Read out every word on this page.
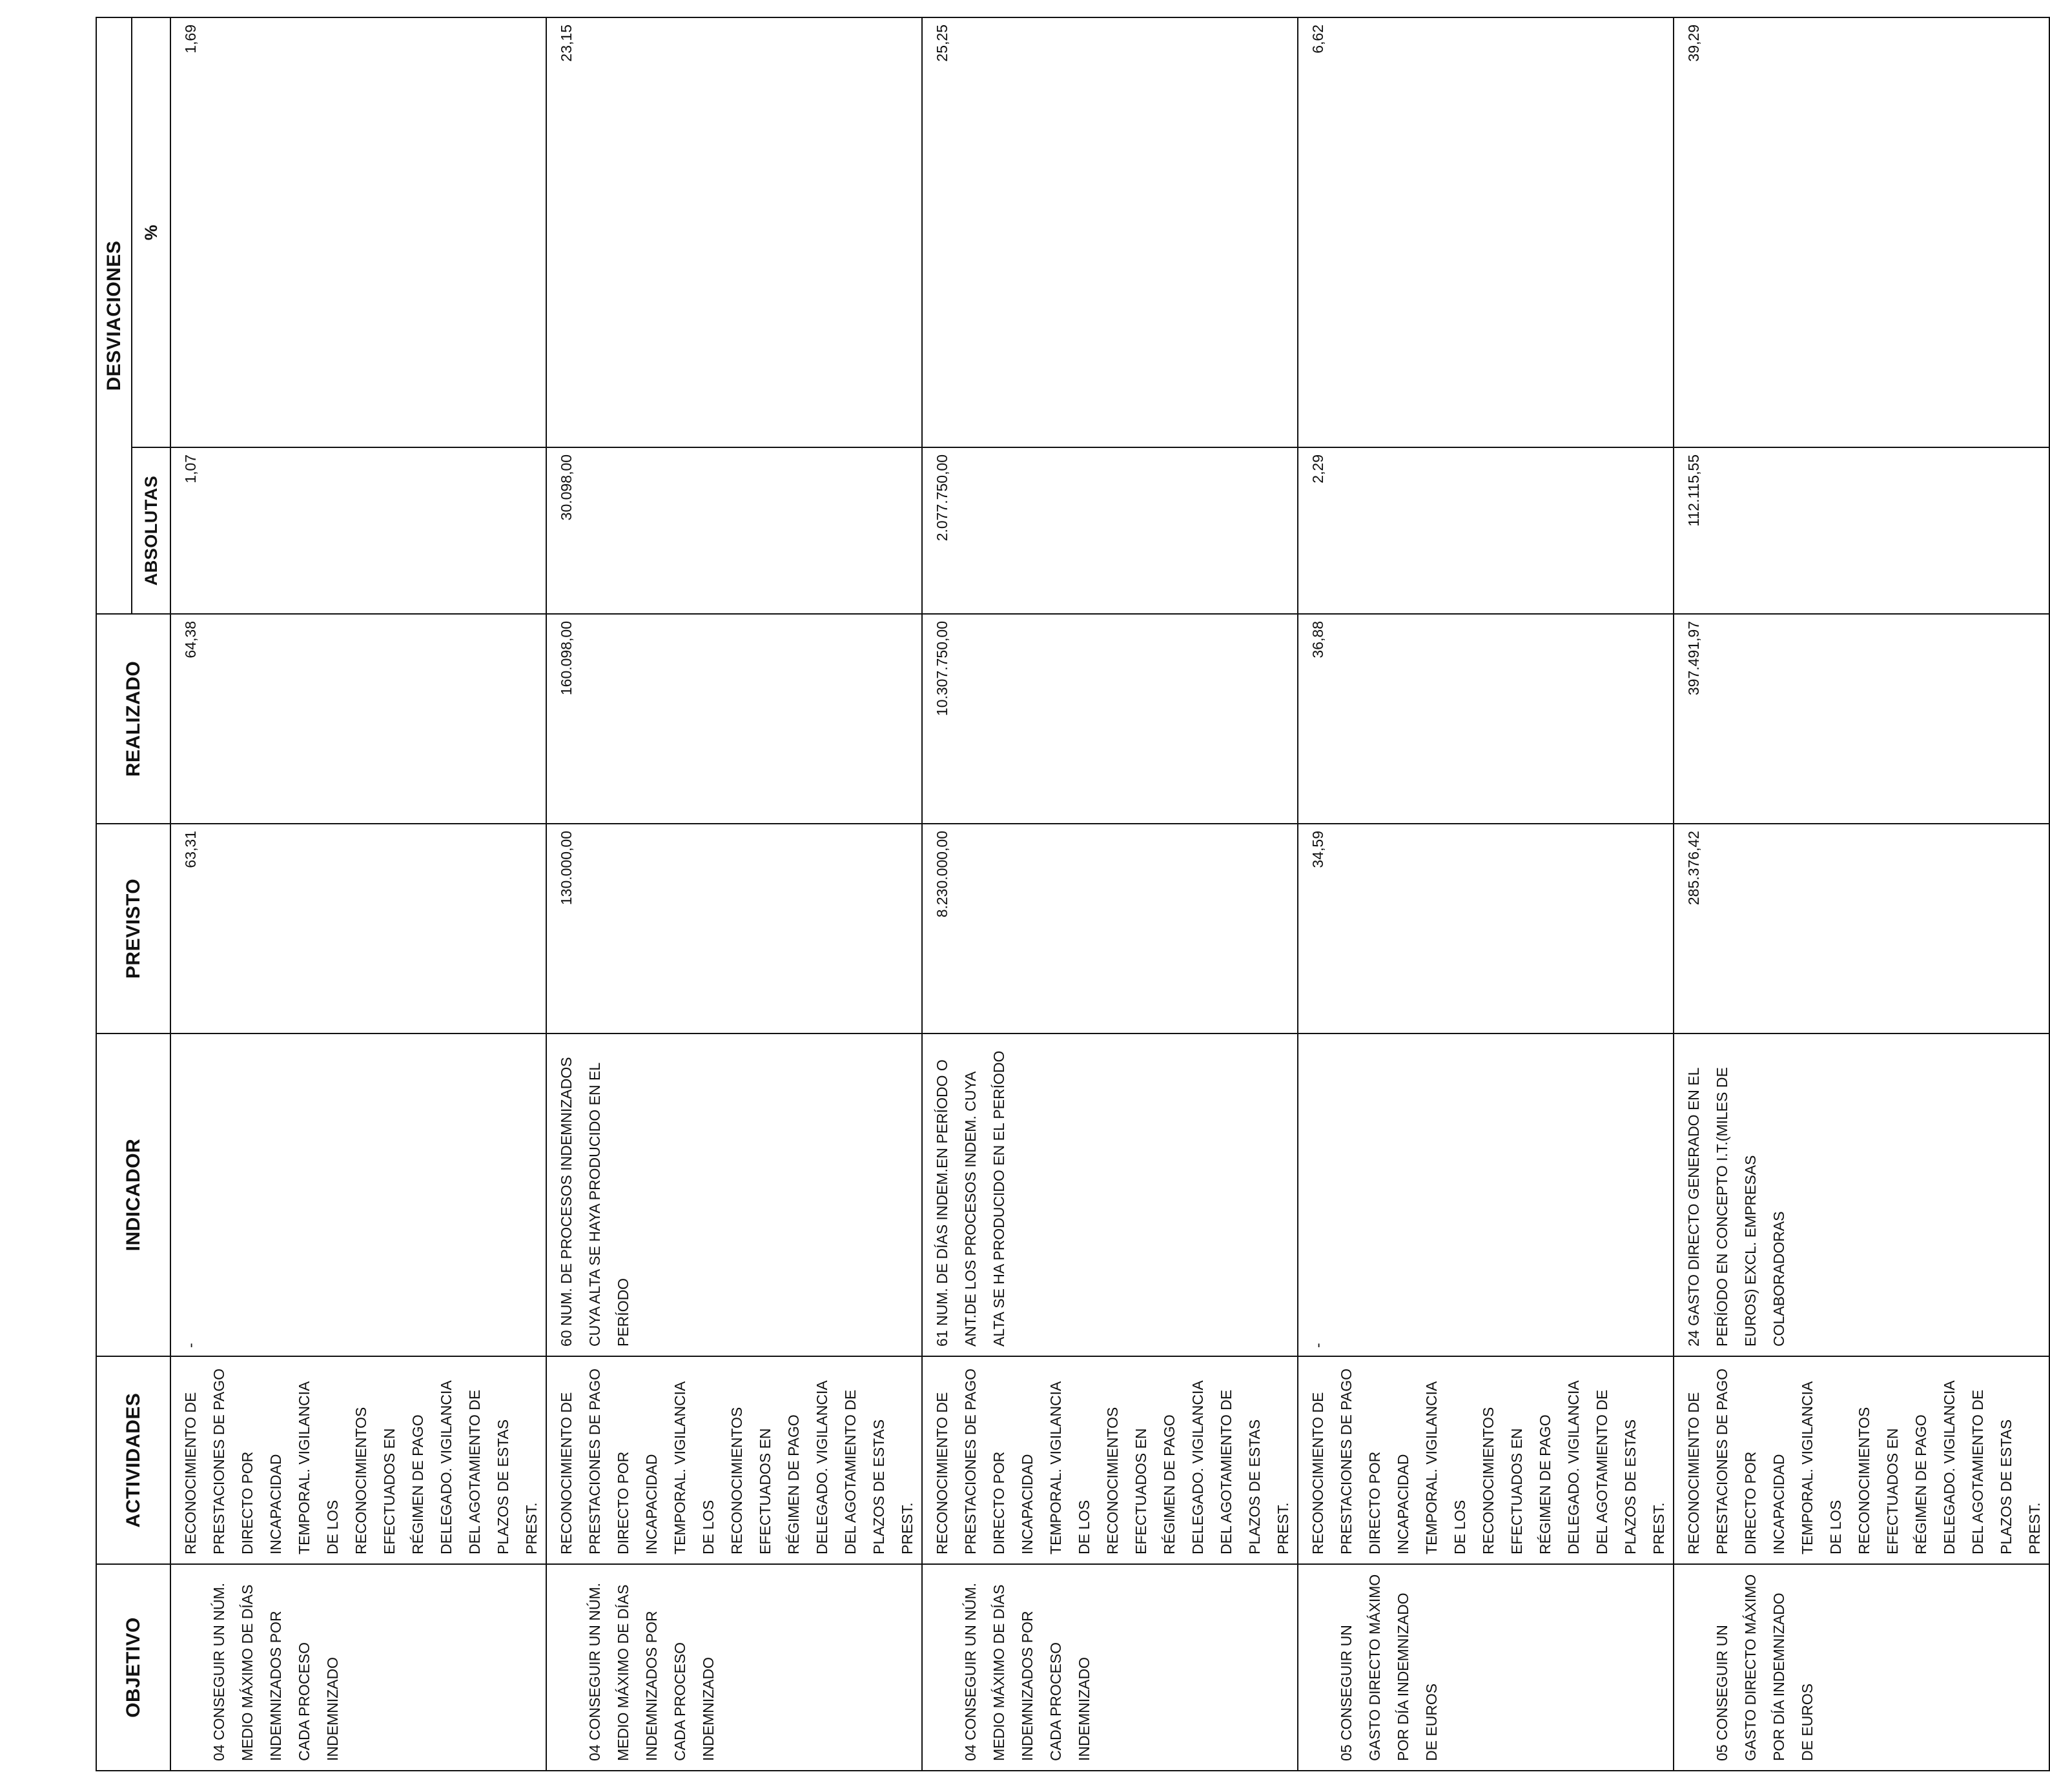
OBJETIVO	ACTIVIDADES	INDICADOR	PREVISTO	REALIZADO	DESVIACIONES	
					ABSOLUTAS	%

04 CONSEGUIR UN NÚM. MEDIO MÁXIMO DE DÍAS INDEMNIZADOS POR CADA PROCESO INDEMNIZADO	RECONOCIMIENTO DE PRESTACIONES DE PAGO DIRECTO POR INCAPACIDAD TEMPORAL. VIGILANCIA DE LOS RECONOCIMIENTOS EFECTUADOS EN RÉGIMEN DE PAGO DELEGADO. VIGILANCIA DEL AGOTAMIENTO DE PLAZOS DE ESTAS PREST.	-	63,31	64,38	1,07	1,69

04 CONSEGUIR UN NÚM. MEDIO MÁXIMO DE DÍAS INDEMNIZADOS POR CADA PROCESO INDEMNIZADO	RECONOCIMIENTO DE PRESTACIONES DE PAGO DIRECTO POR INCAPACIDAD TEMPORAL. VIGILANCIA DE LOS RECONOCIMIENTOS EFECTUADOS EN RÉGIMEN DE PAGO DELEGADO. VIGILANCIA DEL AGOTAMIENTO DE PLAZOS DE ESTAS PREST.	60 NUM. DE PROCESOS INDEMNIZADOS CUYA ALTA SE HAYA PRODUCIDO EN EL PERÍODO	130.000,00	160.098,00	30.098,00	23,15

04 CONSEGUIR UN NÚM. MEDIO MÁXIMO DE DÍAS INDEMNIZADOS POR CADA PROCESO INDEMNIZADO	RECONOCIMIENTO DE PRESTACIONES DE PAGO DIRECTO POR INCAPACIDAD TEMPORAL. VIGILANCIA DE LOS RECONOCIMIENTOS EFECTUADOS EN RÉGIMEN DE PAGO DELEGADO. VIGILANCIA DEL AGOTAMIENTO DE PLAZOS DE ESTAS PREST.	61 NUM. DE DÍAS INDEM.EN PERÍODO O ANT.DE LOS PROCESOS INDEM. CUYA ALTA SE HA PRODUCIDO EN EL PERÍODO	8.230.000,00	10.307.750,00	2.077.750,00	25,25

05 CONSEGUIR UN GASTO DIRECTO MÁXIMO POR DÍA INDEMNIZADO DE EUROS	RECONOCIMIENTO DE PRESTACIONES DE PAGO DIRECTO POR INCAPACIDAD TEMPORAL. VIGILANCIA DE LOS RECONOCIMIENTOS EFECTUADOS EN RÉGIMEN DE PAGO DELEGADO. VIGILANCIA DEL AGOTAMIENTO DE PLAZOS DE ESTAS PREST.	-	34,59	36,88	2,29	6,62

05 CONSEGUIR UN GASTO DIRECTO MÁXIMO POR DÍA INDEMNIZADO DE EUROS	RECONOCIMIENTO DE PRESTACIONES DE PAGO DIRECTO POR INCAPACIDAD TEMPORAL. VIGILANCIA DE LOS RECONOCIMIENTOS EFECTUADOS EN RÉGIMEN DE PAGO DELEGADO. VIGILANCIA DEL AGOTAMIENTO DE PLAZOS DE ESTAS PREST.	24 GASTO DIRECTO GENERADO EN EL PERÍODO EN CONCEPTO I.T.(MILES DE EUROS) EXCL. EMPRESAS COLABORADORAS	285.376,42	397.491,97	112.115,55	39,29
